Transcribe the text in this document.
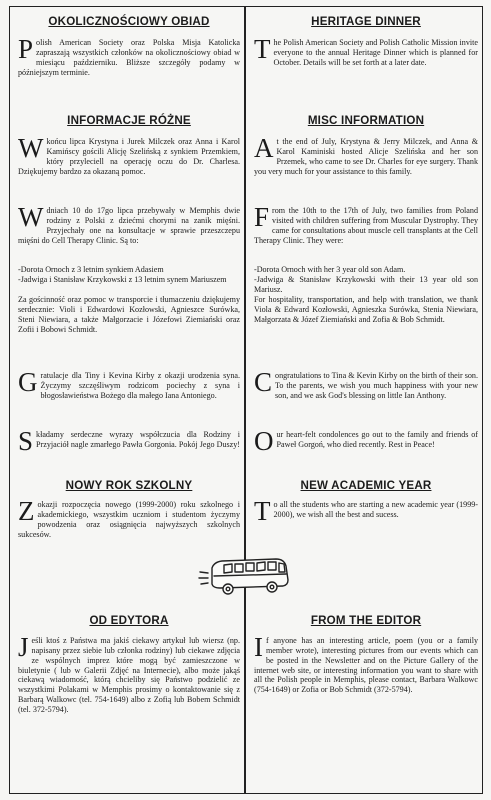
OKOLICZNOŚCIOWY OBIAD
Polish American Society oraz Polska Misja Katolicka zapraszają wszystkich członków na okolicznościowy obiad w miesiącu październiku. Bliższe szczegóły podamy w późniejszym terminie.
INFORMACJE RÓŻNE
Wkońcu lipca Krystyna i Jurek Milczek oraz Anna i Karol Kamińscy gościli Alicję Szelińską z synkiem Przemkiem, który przyleciell na operację oczu do Dr. Charlesa. Dziękujemy bardzo za okazaną pomoc.
Wdniach 10 do 17go lipca przebywały w Memphis dwie rodziny z Polski z dziećmi chorymi na zanik mięśni. Przyjechały one na konsultacje w sprawie przeszczepu mięśni do Cell Therapy Clinic. Są to:
-Dorota Ornoch z 3 letnim synkiem Adasiem
-Jadwiga i Stanisław Krzykowski z 13 letnim synem Mariuszem
Za gościnność oraz pomoc w transporcie i tłumaczeniu dziękujemy serdecznie: Violi i Edwardowi Kozłowski, Agnieszce Surówka, Steni Niewiara, a także Małgorzacie i Józefowi Ziemiański oraz Zofii i Bobowi Schmidt.
Gratulacje dla Tiny i Kevina Kirby z okazji urodzenia syna. Życzymy szczęśliwym rodzicom pociechy z syna i błogosławieństwa Bożego dla małego Iana Antoniego.
Składamy serdeczne wyrazy współczucia dla Rodziny i Przyjaciół nagle zmarłego Pawła Gorgonia. Pokój Jego Duszy!
NOWY ROK SZKOLNY
Zokazji rozpoczęcia nowego (1999-2000) roku szkolnego i akademickiego, wszystkim uczniom i studentom życzymy powodzenia oraz osiągnięcia najwyższych szkolnych sukcesów.
OD EDYTORA
Jeśli ktoś z Państwa ma jakiś ciekawy artykuł lub wiersz (np. napisany przez siebie lub członka rodziny) lub ciekawe zdjęcia ze wspólnych imprez które mogą być zamieszczone w biuletynie ( lub w Galerii Zdjęć na Internecie), albo może jakąś ciekawą wiadomość, którą chcieliby się Państwo podzielić ze wszystkimi Polakami w Memphis prosimy o kontaktowanie się z Barbarą Walkowc (tel. 754-1649) albo z Zofią lub Bobem Schmidt (tel. 372-5794).
HERITAGE DINNER
The Polish American Society and Polish Catholic Mission invite everyone to the annual Heritage Dinner which is planned for October. Details will be set forth at a later date.
MISC INFORMATION
At the end of July, Krystyna & Jerry Milczek, and Anna & Karol Kaminiski hosted Alicje Szelińska and her son Przemek, who came to see Dr. Charles for eye surgery. Thank you very much for your assistance to this family.
From the 10th to the 17th of July, two families from Poland visited with children suffering from Muscular Dystrophy. They came for consultations about muscle cell transplants at the Cell Therapy Clinic. They were:
-Dorota Ornoch with her 3 year old son Adam.
-Jadwiga & Stanisław Krzykowski with their 13 year old son Mariusz.
For hospitality, transportation, and help with translation, we thank Viola & Edward Kozłowski, Agnieszka Surówka, Stenia Niewiara, Małgorzata & Józef Ziemiański and Zofia & Bob Schmidt.
Congratulations to Tina & Kevin Kirby on the birth of their son. To the parents, we wish you much happiness with your new son, and we ask God's blessing on little Ian Anthony.
Our heart-felt condolences go out to the family and friends of Paweł Gorgoń, who died recently. Rest in Peace!
NEW ACADEMIC YEAR
To all the students who are starting a new academic year (1999-2000), we wish all the best and sucess.
FROM THE EDITOR
If anyone has an interesting article, poem (you or a family member wrote), interesting pictures from our events which can be posted in the Newsletter and on the Picture Gallery of the internet web site, or interesting information you want to share with all the Polish people in Memphis, please contact, Barbara Walkowc (754-1649) or Zofia or Bob Schmidt (372-5794).
